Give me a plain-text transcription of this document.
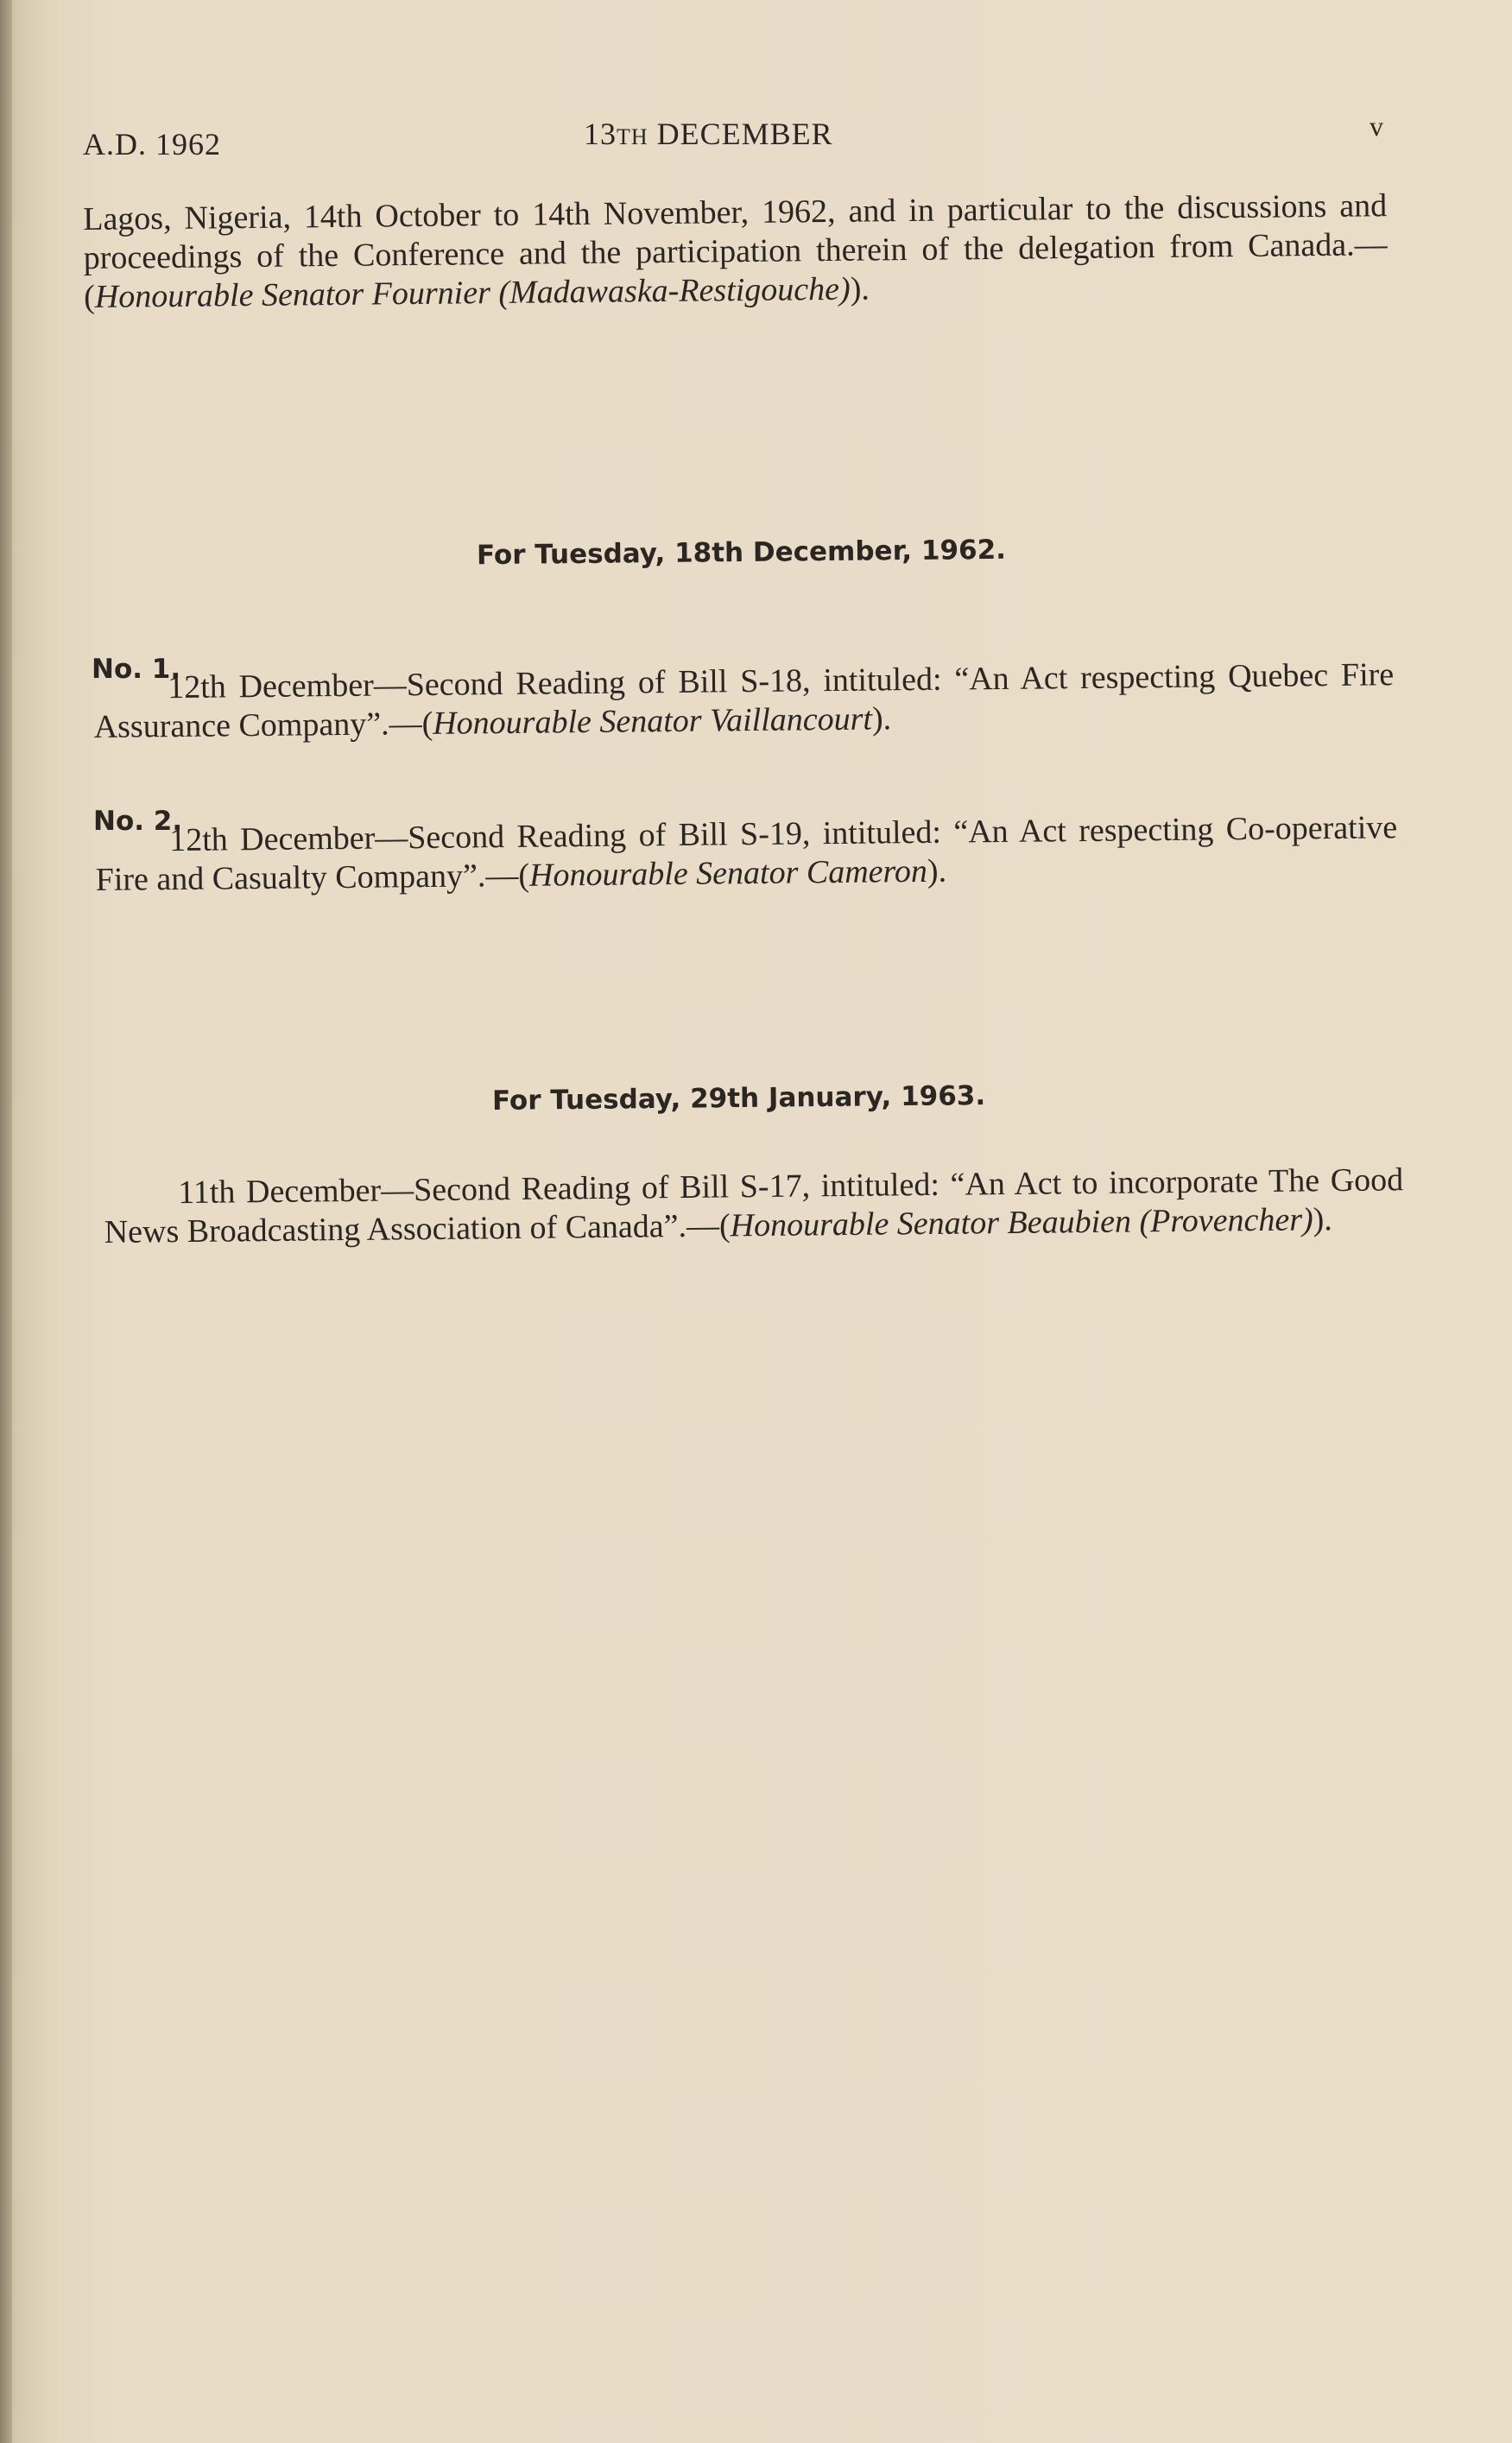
A.D. 1962	13TH DECEMBER	v
Lagos, Nigeria, 14th October to 14th November, 1962, and in particular to the discussions and proceedings of the Conference and the participation therein of the delegation from Canada.—(Honourable Senator Fournier (Madawaska-Restigouche)).
For Tuesday, 18th December, 1962.
No. 1.
12th December—Second Reading of Bill S-18, intituled: “An Act respecting Quebec Fire Assurance Company”.—(Honourable Senator Vaillancourt).
No. 2.
12th December—Second Reading of Bill S-19, intituled: “An Act respecting Co-operative Fire and Casualty Company”.—(Honourable Senator Cameron).
For Tuesday, 29th January, 1963.
11th December—Second Reading of Bill S-17, intituled: “An Act to incorporate The Good News Broadcasting Association of Canada”.—(Honourable Senator Beaubien (Provencher)).
